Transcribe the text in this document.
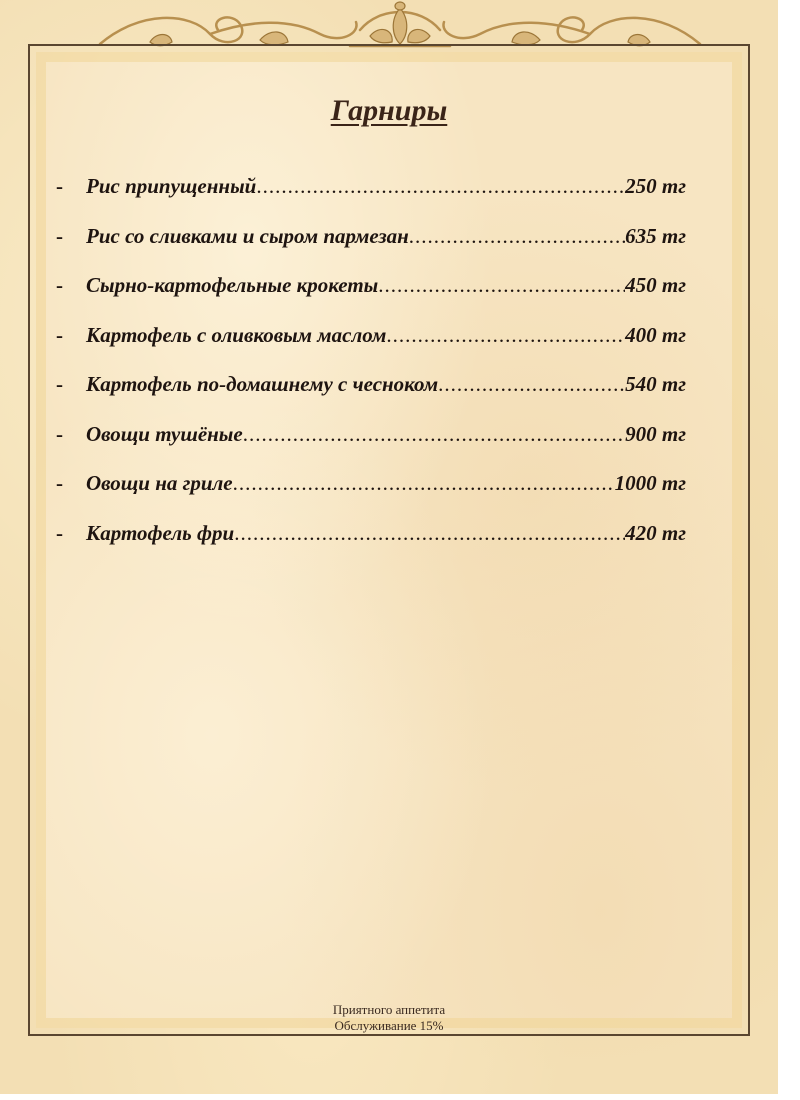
Гарниры
-	Рис припущенный .....	250 тг
-	Рис со сливками и сыром пармезан .....	635 тг
-	Сырно-картофельные крокеты .....	450 тг
-	Картофель с оливковым маслом .....	400 тг
-	Картофель по-домашнему с чесноком .....	540 тг
-	Овощи тушёные .....	900 тг
-	Овощи на гриле .....	1000 тг
-	Картофель фри .....	420 тг
Приятного аппетита
Обслуживание 15%
